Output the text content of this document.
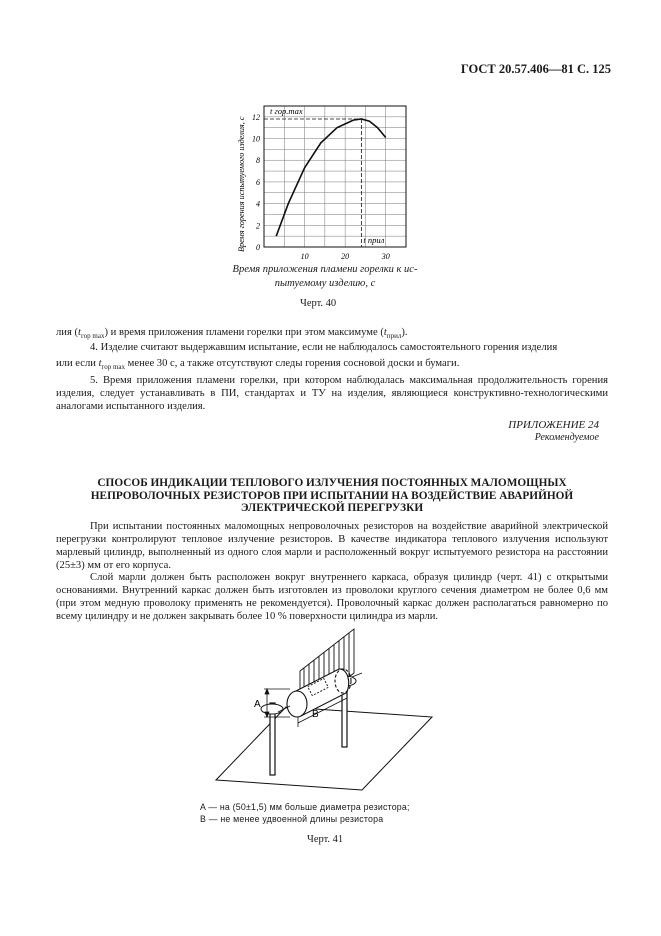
ГОСТ 20.57.406—81 С. 125
0
2
4
6
8
10
12
10	20	30
t гор.max
t прил
Время горения испытуемого изделия, с
Время приложения пламени горелки к ис-
пытуемому изделию, с
Черт. 40
лия $(t_{гор max})$ и время приложения пламени горелки при этом максимуме $(t_{прил})$.
4. Изделие считают выдержавшим испытание, если не наблюдалось самостоятельного горения изделия
или если $t_{гор max}$ менее 30 с, а также отсутствуют следы горения сосновой доски и бумаги.
5. Время приложения пламени горелки, при котором наблюдалась максимальная продолжительность горения изделия, следует устанавливать в ПИ, стандартах и ТУ на изделия, являющиеся конструктивно-технологическими аналогами испытанного изделия.
ПРИЛОЖЕНИЕ 24
Рекомендуемое
СПОСОБ ИНДИКАЦИИ ТЕПЛОВОГО ИЗЛУЧЕНИЯ ПОСТОЯННЫХ МАЛОМОЩНЫХ
НЕПРОВОЛОЧНЫХ РЕЗИСТОРОВ ПРИ ИСПЫТАНИИ НА ВОЗДЕЙСТВИЕ АВАРИЙНОЙ
ЭЛЕКТРИЧЕСКОЙ ПЕРЕГРУЗКИ
При испытании постоянных маломощных непроволочных резисторов на воздействие аварийной электрической перегрузки контролируют тепловое излучение резисторов. В качестве индикатора теплового излучения используют марлевый цилиндр, выполненный из одного слоя марли и расположенный вокруг испытуемого резистора на расстоянии (25±3) мм от его корпуса.
Слой марли должен быть расположен вокруг внутреннего каркаса, образуя цилиндр (черт. 41) с открытыми основаниями. Внутренний каркас должен быть изготовлен из проволоки круглого сечения диаметром не более 0,6 мм (при этом медную проволоку применять не рекомендуется). Проволочный каркас должен располагаться равномерно по всему цилиндру и не должен закрывать более 10 % поверхности цилиндра из марли.
A
B
A — на (50±1,5) мм больше диаметра резистора;
B — не менее удвоенной длины резистора
Черт. 41
